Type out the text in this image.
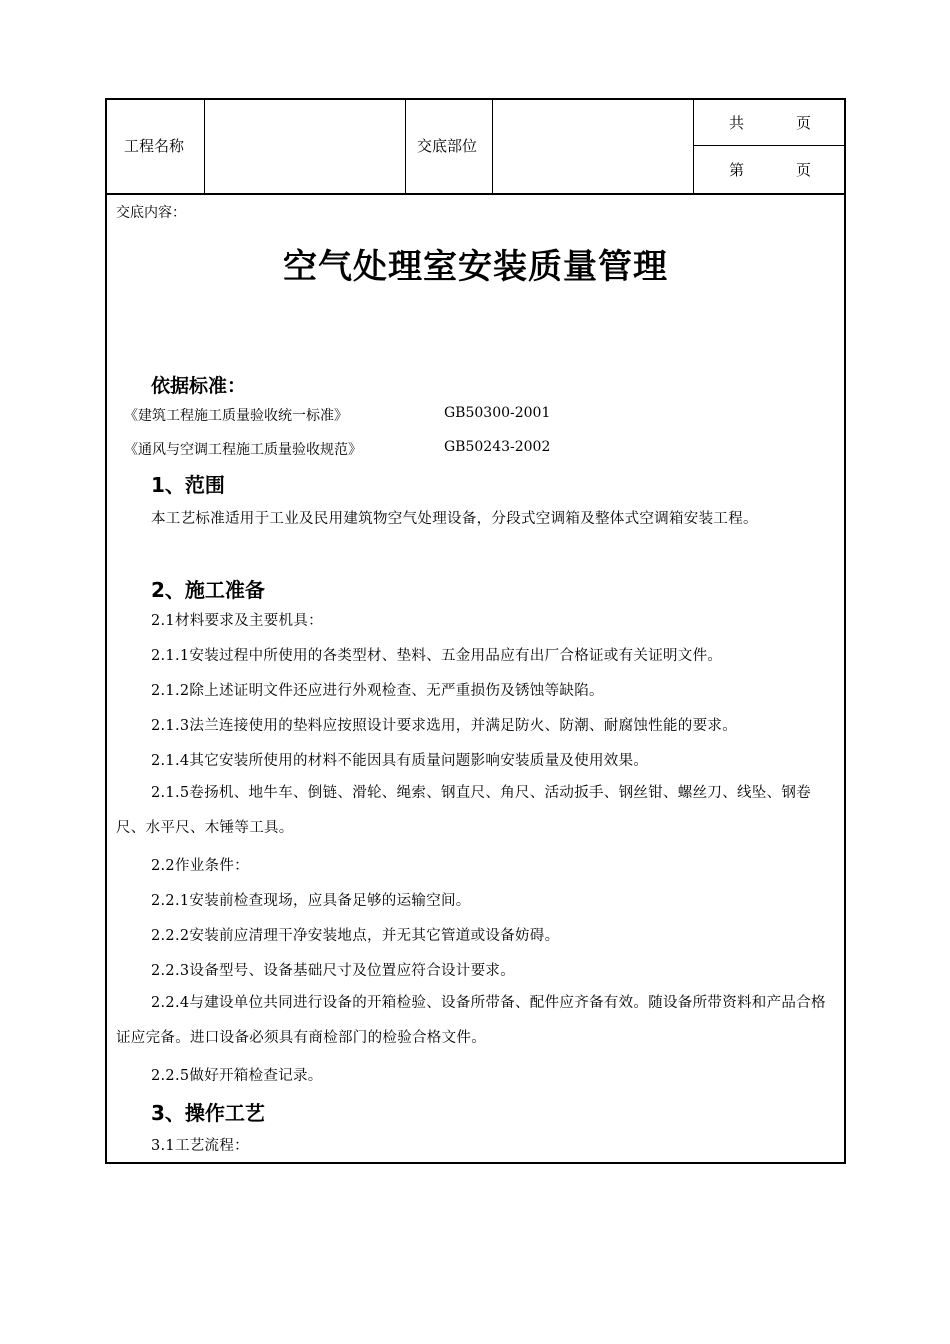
工程名称	交底部位
共	页
第	页
交底内容：
空气处理室安装质量管理
依据标准：
《建筑工程施工质量验收统一标准》	GB50300-2001
《通风与空调工程施工质量验收规范》	GB50243-2002
1、范围
本工艺标准适用于工业及民用建筑物空气处理设备，分段式空调箱及整体式空调箱安装工程。
2、施工准备
2.1材料要求及主要机具：
2.1.1安装过程中所使用的各类型材、垫料、五金用品应有出厂合格证或有关证明文件。
2.1.2除上述证明文件还应进行外观检查、无严重损伤及锈蚀等缺陷。
2.1.3法兰连接使用的垫料应按照设计要求选用，并满足防火、防潮、耐腐蚀性能的要求。
2.1.4其它安装所使用的材料不能因具有质量问题影响安装质量及使用效果。
2.1.5卷扬机、地牛车、倒链、滑轮、绳索、钢直尺、角尺、活动扳手、钢丝钳、螺丝刀、线坠、钢卷尺、水平尺、木锤等工具。
2.2作业条件：
2.2.1安装前检查现场，应具备足够的运输空间。
2.2.2安装前应清理干净安装地点，并无其它管道或设备妨碍。
2.2.3设备型号、设备基础尺寸及位置应符合设计要求。
2.2.4与建设单位共同进行设备的开箱检验、设备所带备、配件应齐备有效。随设备所带资料和产品合格证应完备。进口设备必须具有商检部门的检验合格文件。
2.2.5做好开箱检查记录。
3、操作工艺
3.1工艺流程：
